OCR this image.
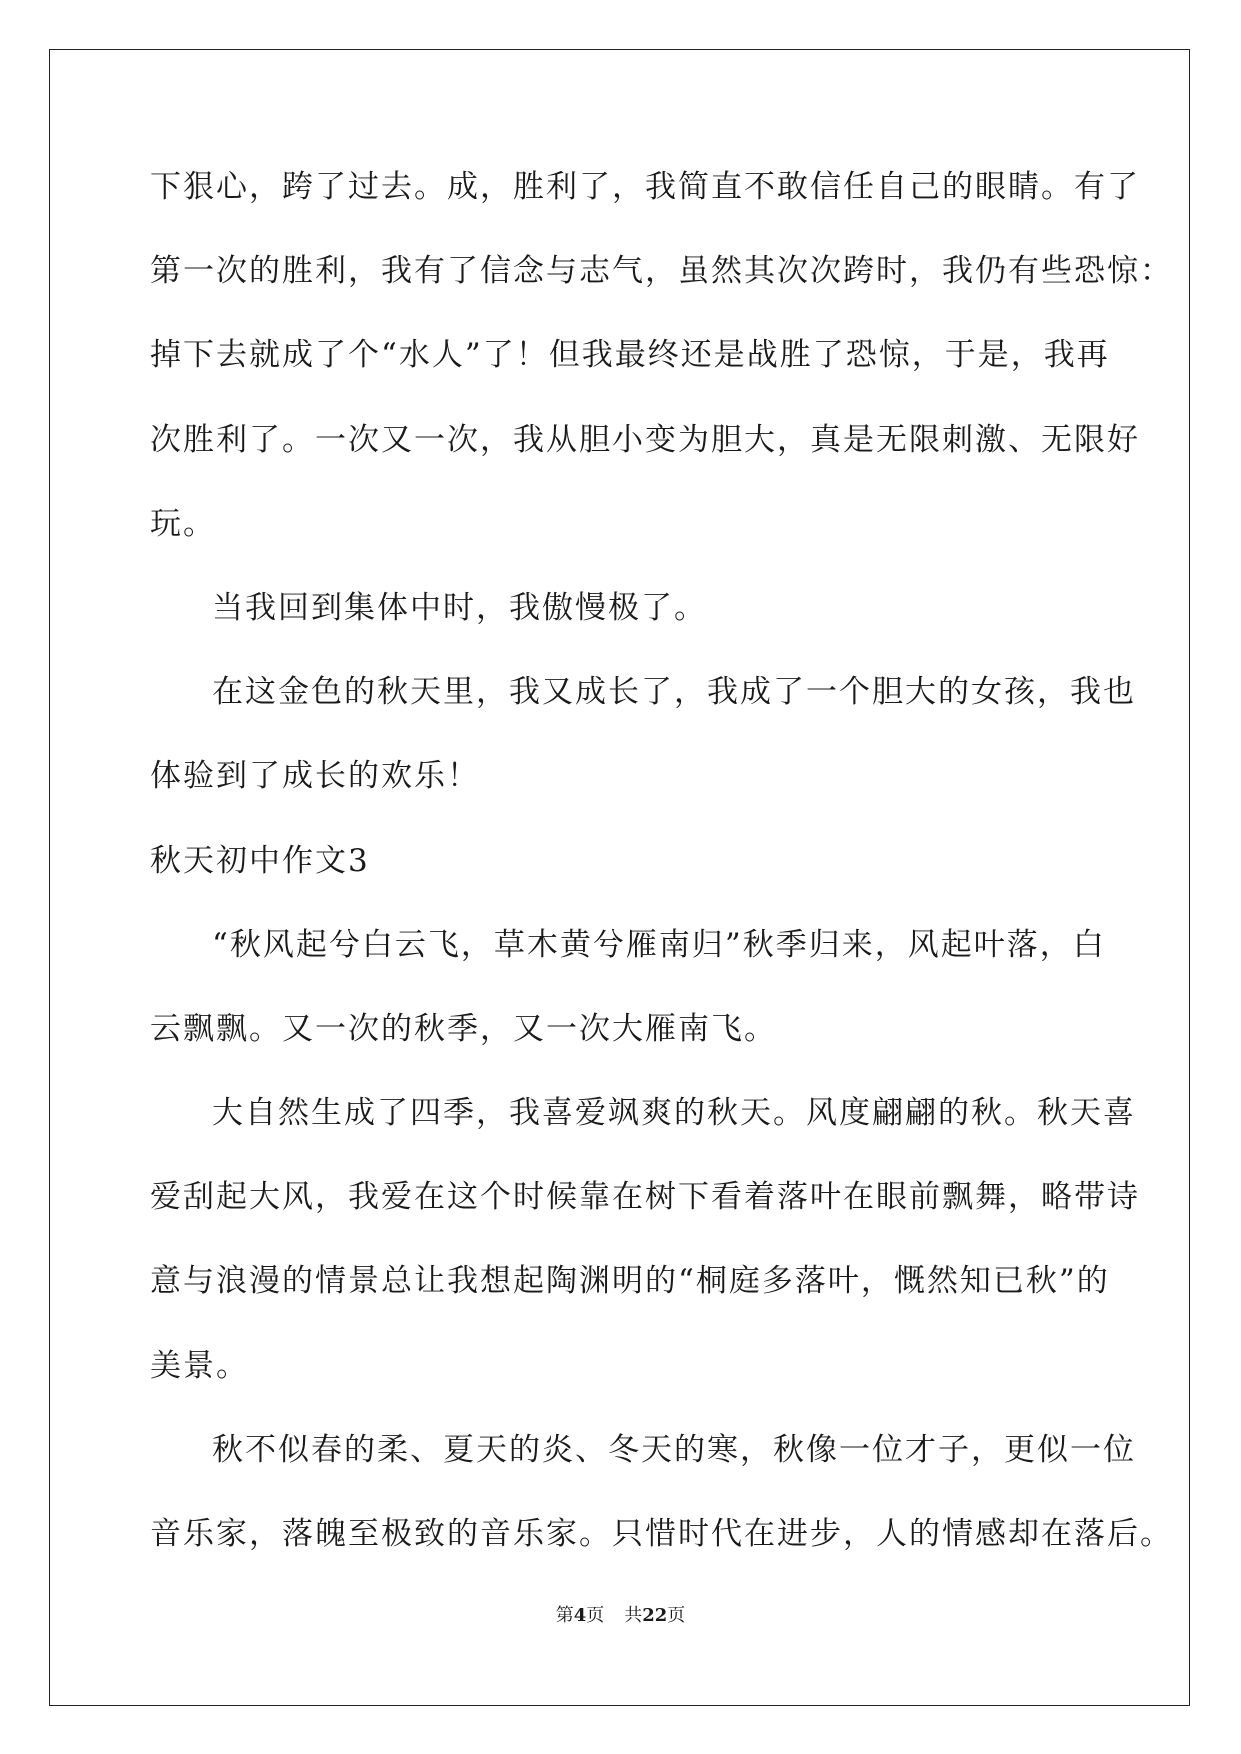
下狠心，跨了过去。成，胜利了，我简直不敢信任自己的眼睛。有了
第一次的胜利，我有了信念与志气，虽然其次次跨时，我仍有些恐惊：
掉下去就成了个“水人”了！但我最终还是战胜了恐惊，于是，我再
次胜利了。一次又一次，我从胆小变为胆大，真是无限刺激、无限好
玩。
当我回到集体中时，我傲慢极了。
在这金色的秋天里，我又成长了，我成了一个胆大的女孩，我也
体验到了成长的欢乐！
秋天初中作文3
“秋风起兮白云飞，草木黄兮雁南归”秋季归来，风起叶落，白
云飘飘。又一次的秋季，又一次大雁南飞。
大自然生成了四季，我喜爱飒爽的秋天。风度翩翩的秋。秋天喜
爱刮起大风，我爱在这个时候靠在树下看着落叶在眼前飘舞，略带诗
意与浪漫的情景总让我想起陶渊明的“桐庭多落叶，慨然知已秋”的
美景。
秋不似春的柔、夏天的炎、冬天的寒，秋像一位才子，更似一位
音乐家，落魄至极致的音乐家。只惜时代在进步，人的情感却在落后。
第4页 共22页
